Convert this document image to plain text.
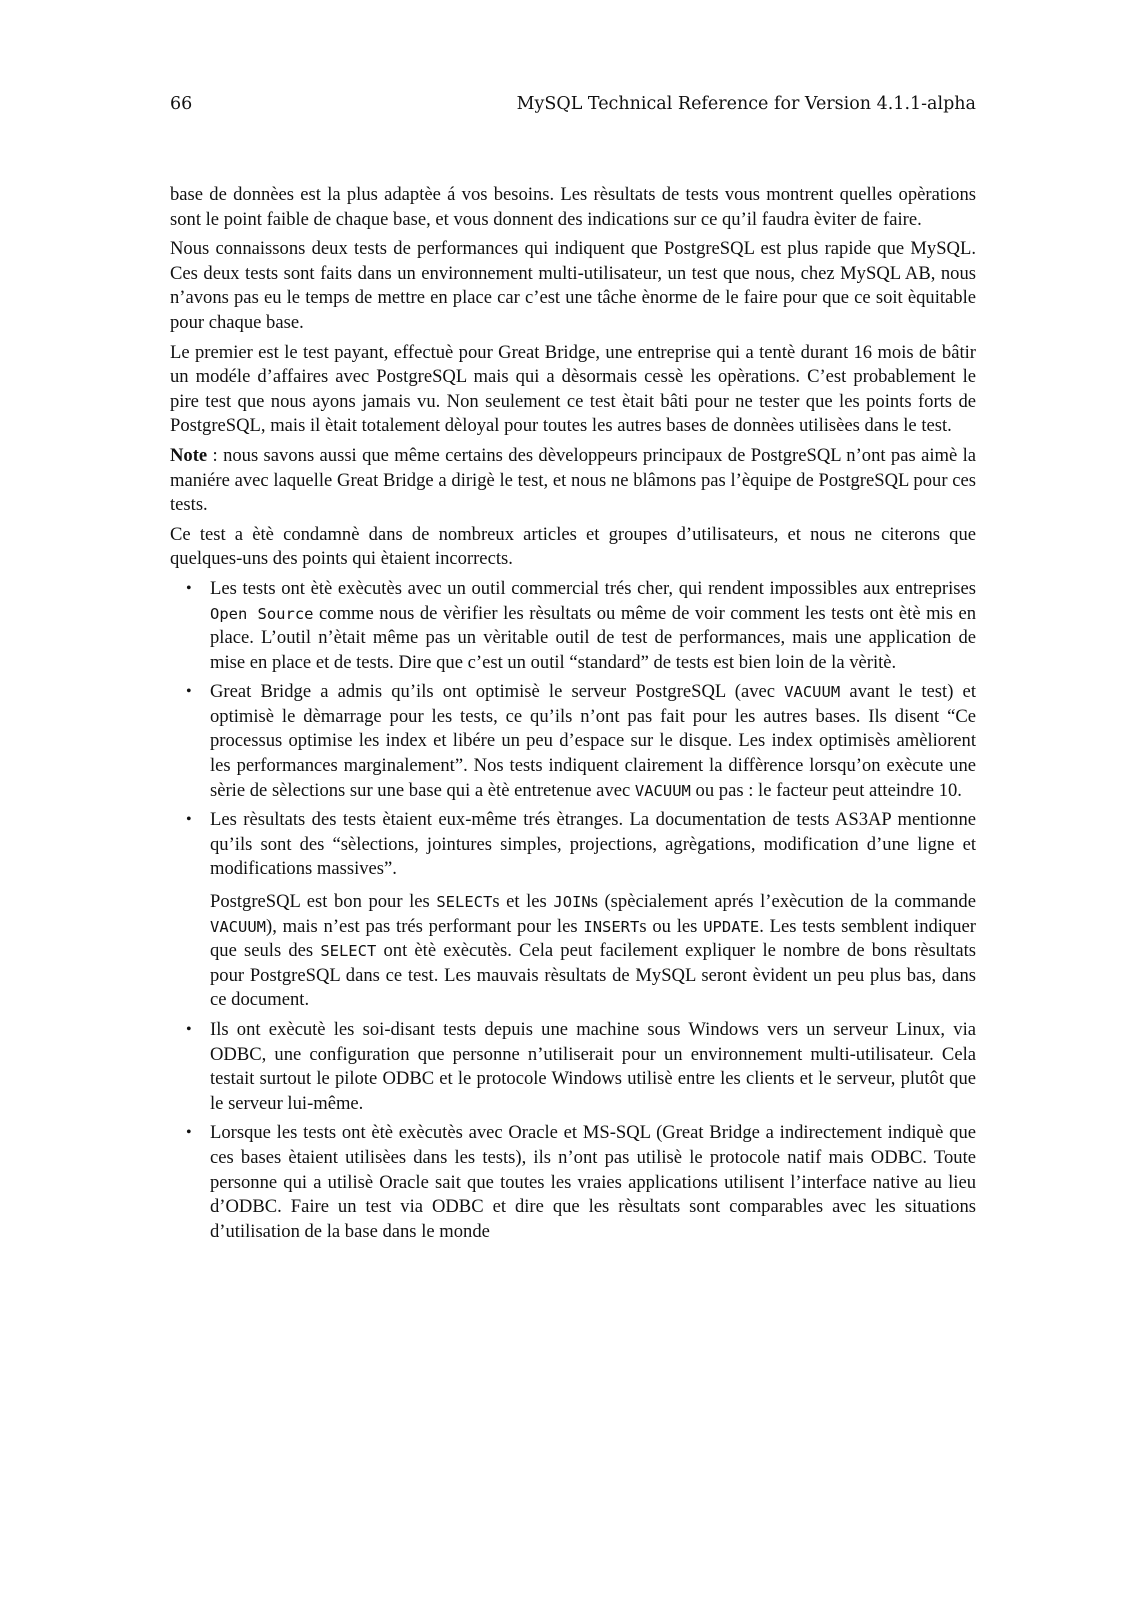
66	MySQL Technical Reference for Version 4.1.1-alpha

base de donnèes est la plus adaptèe á vos besoins. Les rèsultats de tests vous montrent quelles opèrations sont le point faible de chaque base, et vous donnent des indications sur ce qu’il faudra èviter de faire.

Nous connaissons deux tests de performances qui indiquent que PostgreSQL est plus rapide que MySQL. Ces deux tests sont faits dans un environnement multi-utilisateur, un test que nous, chez MySQL AB, nous n’avons pas eu le temps de mettre en place car c’est une tâche ènorme de le faire pour que ce soit èquitable pour chaque base.

Le premier est le test payant, effectuè pour Great Bridge, une entreprise qui a tentè durant 16 mois de bâtir un modéle d’affaires avec PostgreSQL mais qui a dèsormais cessè les opèrations. C’est probablement le pire test que nous ayons jamais vu. Non seulement ce test ètait bâti pour ne tester que les points forts de PostgreSQL, mais il ètait totalement dèloyal pour toutes les autres bases de donnèes utilisèes dans le test.

Note : nous savons aussi que même certains des dèveloppeurs principaux de PostgreSQL n’ont pas aimè la maniére avec laquelle Great Bridge a dirigè le test, et nous ne blâmons pas l’èquipe de PostgreSQL pour ces tests.

Ce test a ètè condamnè dans de nombreux articles et groupes d’utilisateurs, et nous ne citerons que quelques-uns des points qui ètaient incorrects.

• Les tests ont ètè exècutès avec un outil commercial trés cher, qui rendent impossibles aux entreprises Open Source comme nous de vèrifier les rèsultats ou même de voir comment les tests ont ètè mis en place. L’outil n’ètait même pas un vèritable outil de test de performances, mais une application de mise en place et de tests. Dire que c’est un outil “standard” de tests est bien loin de la vèritè.

• Great Bridge a admis qu’ils ont optimisè le serveur PostgreSQL (avec VACUUM avant le test) et optimisè le dèmarrage pour les tests, ce qu’ils n’ont pas fait pour les autres bases. Ils disent “Ce processus optimise les index et libére un peu d’espace sur le disque. Les index optimisès amèliorent les performances marginalement”. Nos tests indiquent clairement la diffèrence lorsqu’on exècute une sèrie de sèlections sur une base qui a ètè entretenue avec VACUUM ou pas : le facteur peut atteindre 10.

• Les rèsultats des tests ètaient eux-même trés ètranges. La documentation de tests AS3AP mentionne qu’ils sont des “sèlections, jointures simples, projections, agrègations, modification d’une ligne et modifications massives”.

PostgreSQL est bon pour les SELECTs et les JOINs (spècialement aprés l’exècution de la commande VACUUM), mais n’est pas trés performant pour les INSERTs ou les UPDATE. Les tests semblent indiquer que seuls des SELECT ont ètè exècutès. Cela peut facilement expliquer le nombre de bons rèsultats pour PostgreSQL dans ce test. Les mauvais rèsultats de MySQL seront èvident un peu plus bas, dans ce document.

• Ils ont exècutè les soi-disant tests depuis une machine sous Windows vers un serveur Linux, via ODBC, une configuration que personne n’utiliserait pour un environnement multi-utilisateur. Cela testait surtout le pilote ODBC et le protocole Windows utilisè entre les clients et le serveur, plutôt que le serveur lui-même.

• Lorsque les tests ont ètè exècutès avec Oracle et MS-SQL (Great Bridge a indirectement indiquè que ces bases ètaient utilisèes dans les tests), ils n’ont pas utilisè le protocole natif mais ODBC. Toute personne qui a utilisè Oracle sait que toutes les vraies applications utilisent l’interface native au lieu d’ODBC. Faire un test via ODBC et dire que les rèsultats sont comparables avec les situations d’utilisation de la base dans le monde
